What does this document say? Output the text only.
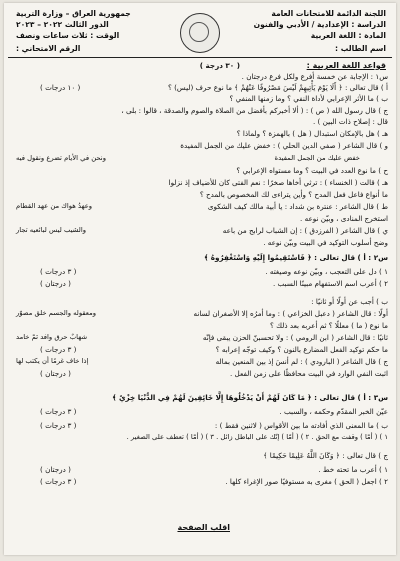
اللجنة الدائمة للامتحانات العامة
الدراسة : الإعدادية / الأدبي والفنون
المادة : اللغة العربية
اسم الطالب :
جمهورية العراق – وزارة التربية
الدور الثالث ٢٠٢٢ – ٢٠٢٣
الوقت : ثلاث ساعات ونصف
الرقم الامتحاني :
قواعد اللغة العربية :
( ٣٠ درجة )
س١ : الإجابة عن خمسة أفرع ولكل فرع درجتان .
أ ) قال تعالى : ﴿ أَلَا يَوْمَ يَأْتِيهِمْ لَيْسَ مَصْرُوفًا عَنْهُمْ ﴾ ما نوع حرف (ليس) ؟
( ١٠ درجات )
ب ) ما الأثر الإعرابي لأداة النفي ؟ وما زمنها المنفي ؟
ج ) قال رسول الله ( ص ) : ( ألا أخبركم بأفضل من الصلاة والصوم والصدقة ، قالوا : بلى ،
قال : إصلاح ذات البين ) .
هـ ) هل بالإمكان استبدال ( هل ) بالهمزة ؟ ولماذا ؟
و ) قال الشاعر ( صفي الدين الحلي ) : خفض عليك من الجمل المفيدة
خفض عليك من الجمل المفيدة
ونحن في الأيام تضرع ونقول فيه
ح ) ما نوع العدد في البيت ؟ وما مستواه الإعرابي ؟
هـ ) قالت ( الخنساء ) : ترثي أخاها صخرًا : نعم الفتى كان للأضياف إذ نزلوا
ما أنواع فاعل فعل المدح ؟ وأين يتراءى لك المخصوص بالمدح ؟
ط ) قال الشاعر : عنترة بن شداد : يا أبية مالك كيف الشكوى
استخرج المنادى ، وبيّن نوعه .
وعهدُ هواك من عهد القطام
ي ) قال الشاعر ( الفرزدق ) : إن الشباب لرابح من باعه
والشيب ليس لبائعيه تجار
وضح أسلوب التوكيد في البيت وبيّن نوعه .
س٢ : أ ) قال تعالى : ﴿ فَاسْتَقِيمُوا إِلَيْهِ وَاسْتَغْفِرُوهُ ﴾
( ٣ درجات )	١ ) دل على التعجب ، وبيّن نوعه وصيغته .
٢ ) أعرب اسم الاستفهام مبينًا السبب .
( درجتان )
ب ) أجب عن أولًا أو ثانيًا :
أولًا : قال الشاعر ( دعبل الخزاعي ) : وما أمرُه إلا الأصغران لسانه
ومعقوله والجسم خلق مصوّر
ما نوع ( ما ) معللًا ؟ ثم أعربه بعد ذلك ؟
ثانيًا : قال الشاعر ( ابن الرومي ) : ولا تحسبنّ الحزن يبقى فإنّه
شهابٌ حرق وافد ثمّ خامد
ما حكم توكيد الفعل المضارع بالنون ؟ وكيف توجّه إعرابه ؟
( ٣ درجات )
ج ) قال الشاعر ( البارودي ) : لم أنسَ إذ بين المنعين بماله
إذا خاف غرمًا أن يكتب لها
اثبت النفي الوارد في البيت محافظًا على زمن الفعل .
( درجتان )
س٣ : أ ) قال تعالى : ﴿ مَا كَانَ لَهُمْ أَنْ يَدْخُلُوهَا إِلَّا خَائِفِينَ لَهُمْ فِي الدُّنْيَا خِزْيٌ ﴾
عيّن الخبر المقدّم وحكمه ، والسبب .
( ٣ درجات )
ب ) ما المعنى الذي أفادته ما بين الأقواس ( لاثنين فقط ) :
( ٣ درجات )
١ ) ( أمّا ) وقفت مع الحق . ٢ ) ( أمّا ) إنّك على الباطل زائل . ٣ ) ( أمّا ) تعطف على الصغير .
ج ) قال تعالى : ﴿ وَكَانَ اللَّهُ عَلِيمًا حَكِيمًا ﴾
١ ) أعرب ما تحته خط .
( درجتان )
٢ ) اجعل ( الحق ) مغرى به مستوفيًا صور الإغراء كلها .
( ٣ درجات )
اقلب الصفحة
